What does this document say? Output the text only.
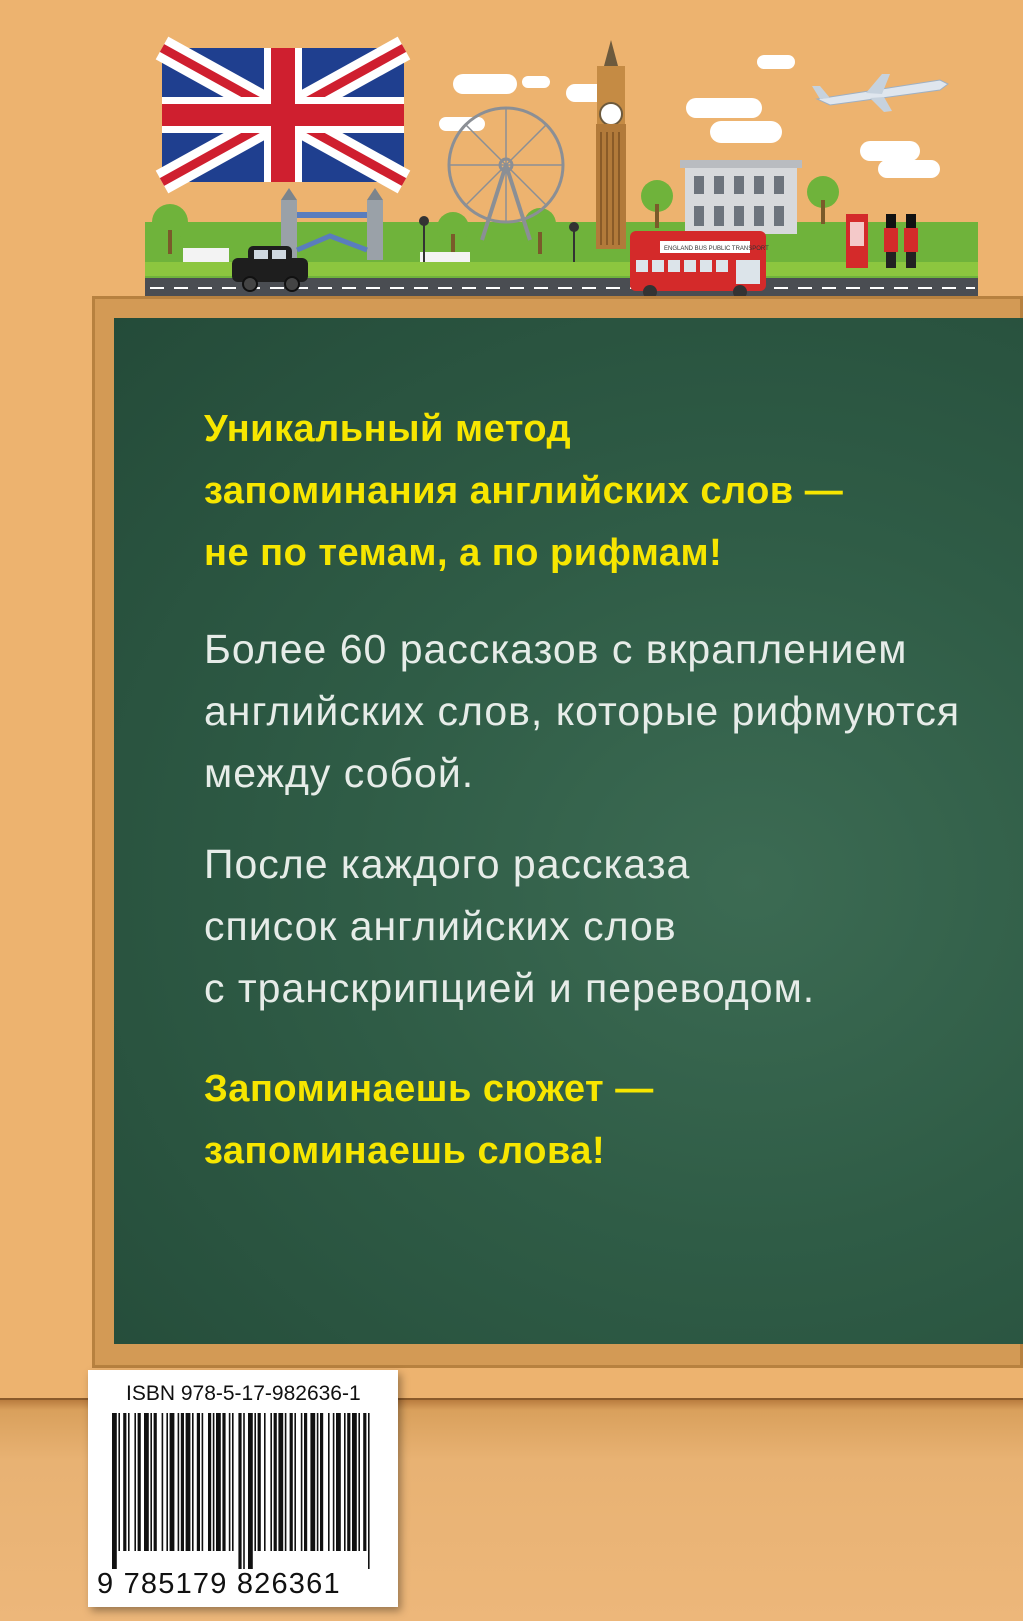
ENGLAND BUS PUBLIC TRANSPORT
Уникальный метод
запоминания английских слов —
не по темам, а по рифмам!
Более 60 рассказов с вкраплением
английских слов, которые рифмуются
между собой.
После каждого рассказа
список английских слов
с транскрипцией и переводом.
Запоминаешь сюжет —
запоминаешь слова!
ISBN 978-5-17-982636-1
9 785179 826361
